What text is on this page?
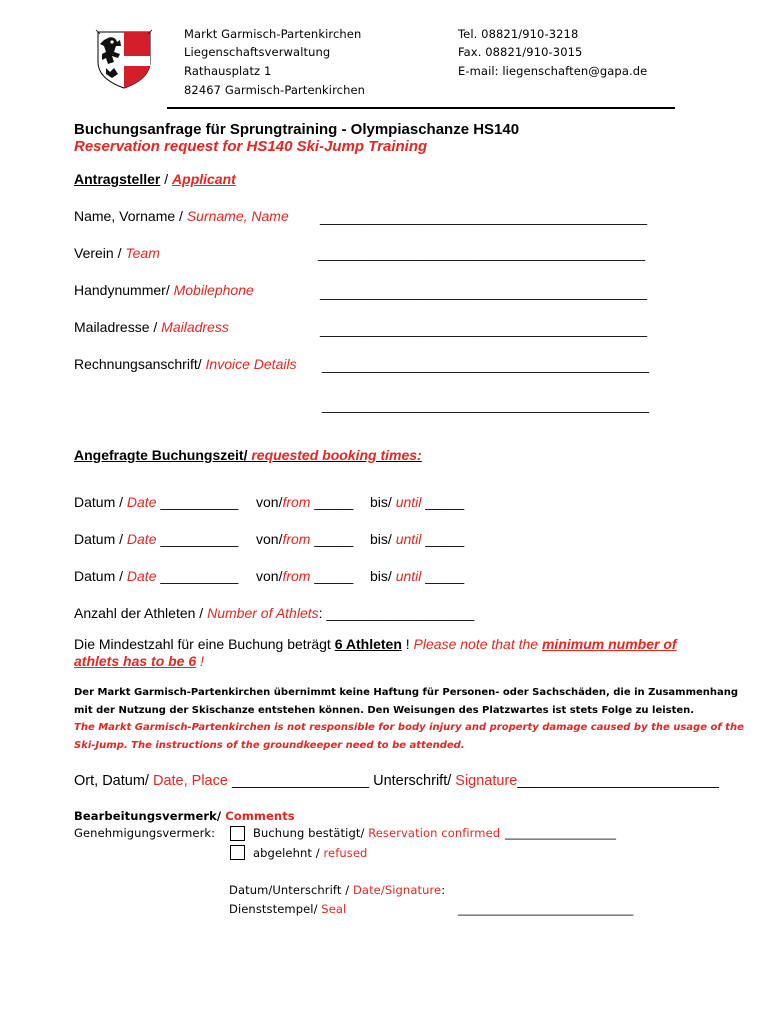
Markt Garmisch-Partenkirchen
Liegenschaftsverwaltung
Rathausplatz 1
82467 Garmisch-Partenkirchen
Tel. 08821/910-3218
Fax. 08821/910-3015
E-mail: liegenschaften@gapa.de
Buchungsanfrage für Sprungtraining - Olympiaschanze HS140
Reservation request for HS140 Ski-Jump Training
Antragsteller / Applicant
Name, Vorname / Surname, Name __________________________________________
Verein / Team	__________________________________________
Handynummer/ Mobilephone	__________________________________________
Mailadresse / Mailadress	__________________________________________
Rechnungsanschrift/ Invoice Details __________________________________________
__________________________________________
Angefragte Buchungszeit/ requested booking times:
Datum / Date __________ von/from _____ bis/ until _____
Datum / Date __________ von/from _____ bis/ until _____
Datum / Date __________ von/from _____ bis/ until _____
Anzahl der Athleten / Number of Athlets: ___________________
Die Mindestzahl für eine Buchung beträgt 6 Athleten ! Please note that the minimum number of
athlets has to be 6 !
Der Markt Garmisch-Partenkirchen übernimmt keine Haftung für Personen- oder Sachschäden, die in Zusammenhang
mit der Nutzung der Skischanze entstehen können. Den Weisungen des Platzwartes ist stets Folge zu leisten.
The Markt Garmisch-Partenkirchen is not responsible for body injury and property damage caused by the usage of the
Ski-Jump. The instructions of the groundkeeper need to be attended.
Ort, Datum/ Date, Place _________________ Unterschrift/ Signature_________________________
Bearbeitungsvermerk/ Comments
Genehmigungsvermerk:	Buchung bestätigt/ Reservation confirmed ___________________
abgelehnt / refused
Datum/Unterschrift / Date/Signature:
Dienststempel/ Seal	______________________________
